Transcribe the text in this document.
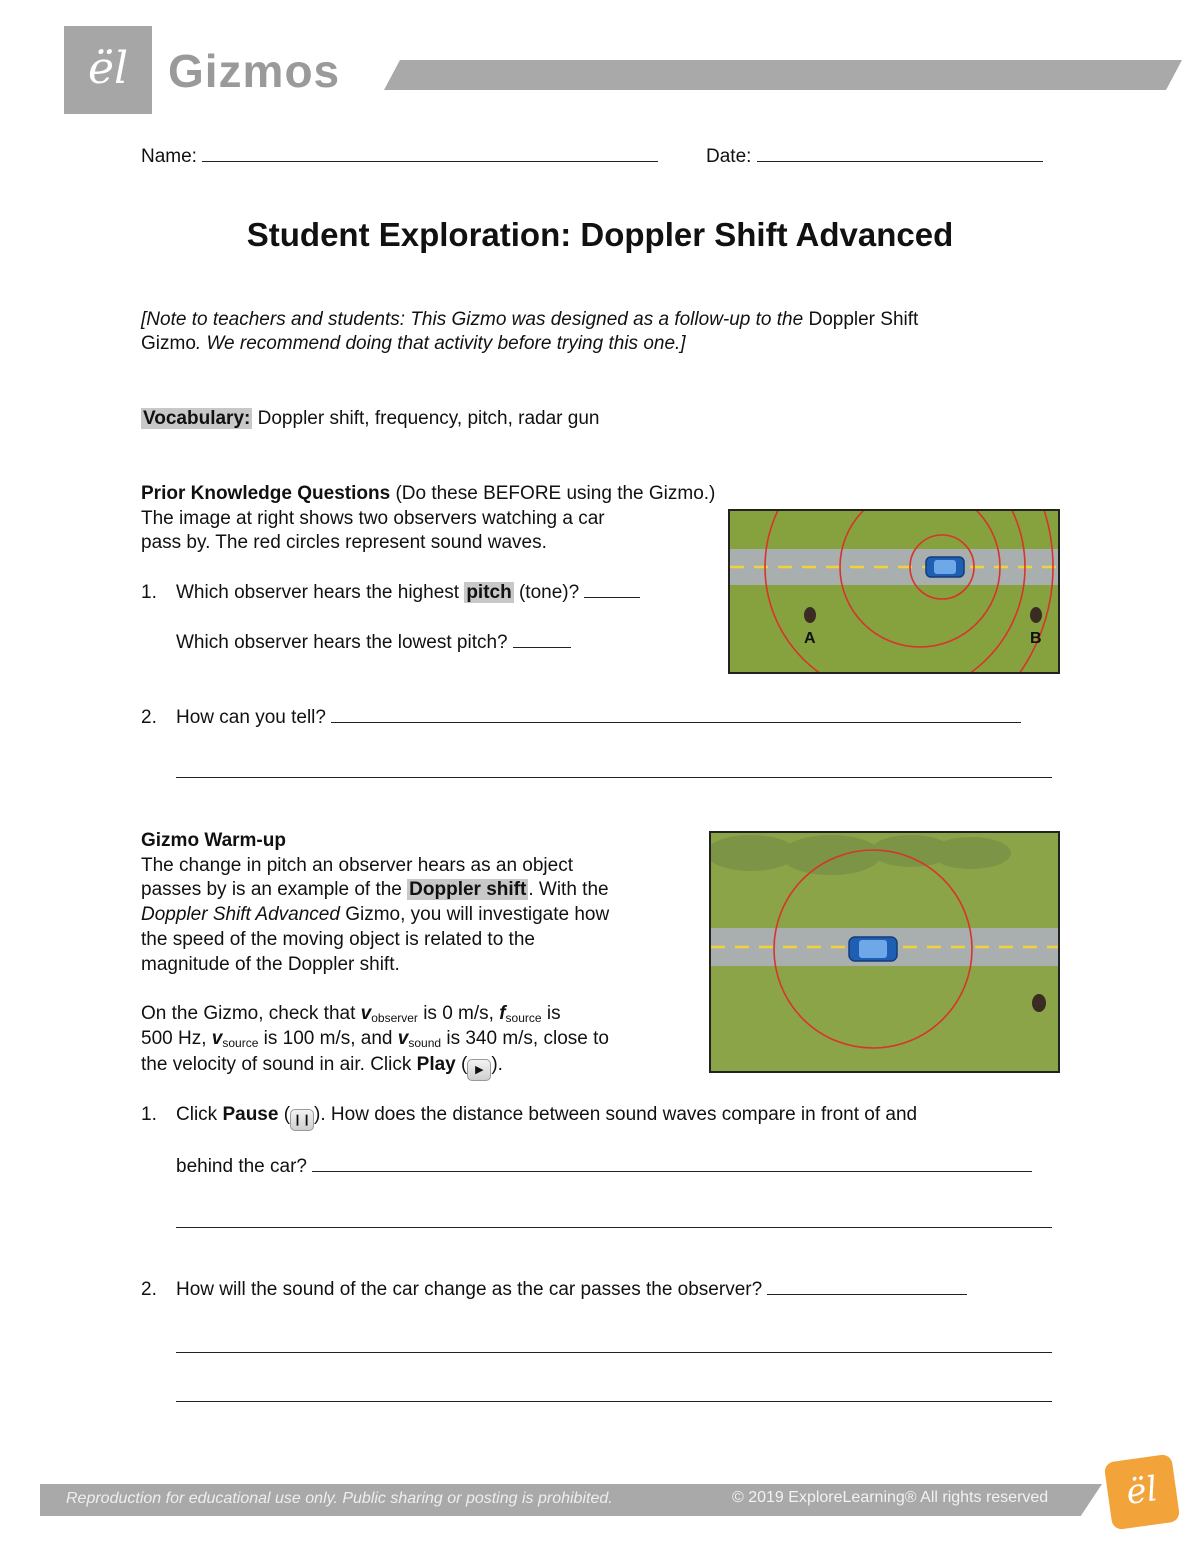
ël Gizmos
Name:	Date:
Student Exploration: Doppler Shift Advanced
[Note to teachers and students: This Gizmo was designed as a follow-up to the Doppler Shift
Gizmo. We recommend doing that activity before trying this one.]
Vocabulary: Doppler shift, frequency, pitch, radar gun
Prior Knowledge Questions (Do these BEFORE using the Gizmo.)
The image at right shows two observers watching a car
pass by. The red circles represent sound waves.
1. Which observer hears the highest pitch (tone)?
Which observer hears the lowest pitch?
2. How can you tell?
A	B
Gizmo Warm-up
The change in pitch an observer hears as an object
passes by is an example of the Doppler shift . With the
Doppler Shift Advanced Gizmo, you will investigate how
the speed of the moving object is related to the
magnitude of the Doppler shift.
On the Gizmo, check that $v_{observer}$ is 0 m/s, $f_{source}$ is
500 Hz, $v_{source}$ is 100 m/s, and $v_{sound}$ is 340 m/s, close to
the velocity of sound in air. Click Play ( ▶ ).
1. Click Pause ( ❙❙ ). How does the distance between sound waves compare in front of and
behind the car?
2. How will the sound of the car change as the car passes the observer?
Reproduction for educational use only. Public sharing or posting is prohibited.	© 2019 ExploreLearning® All rights reserved	ël
